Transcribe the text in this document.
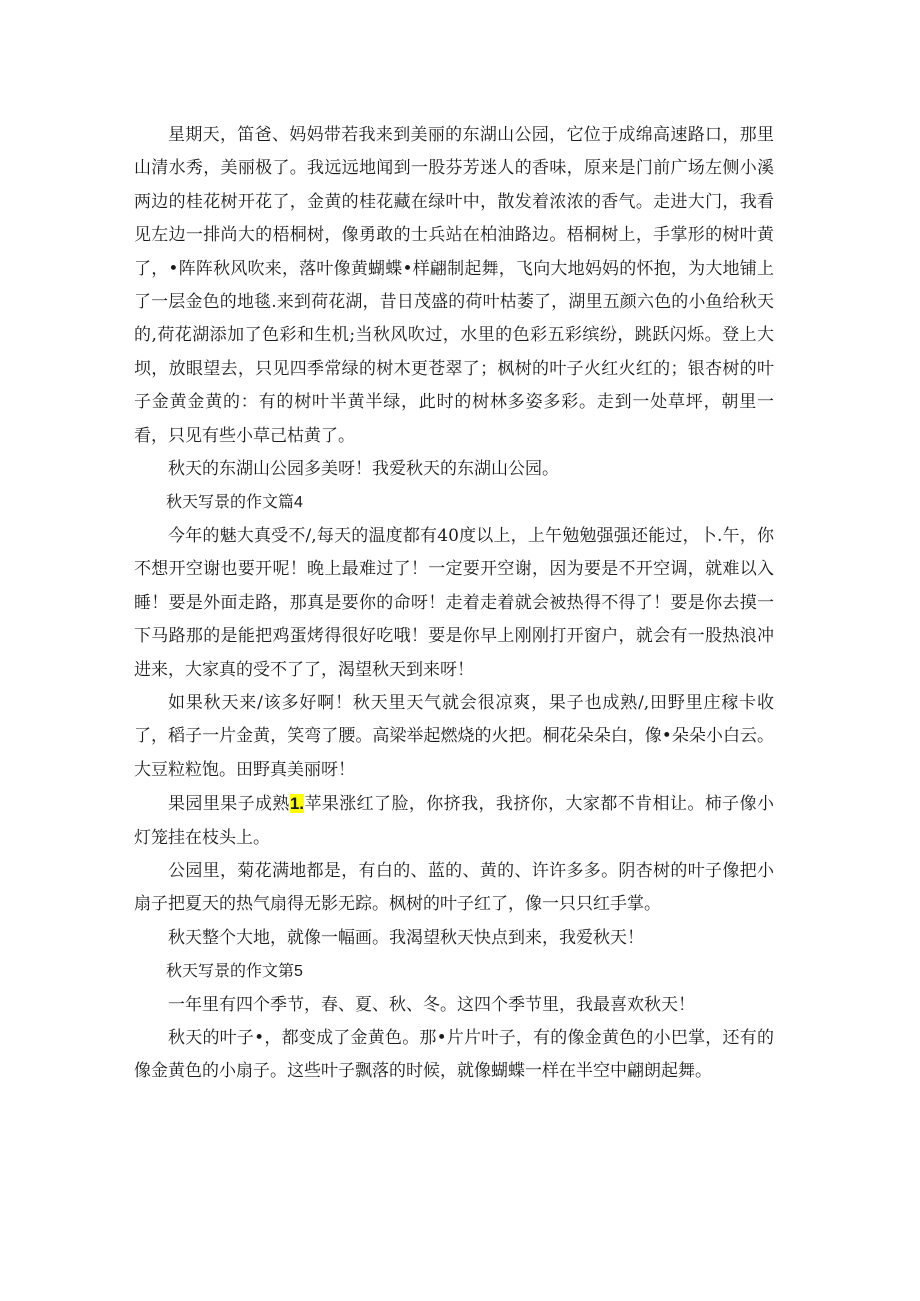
星期天，笛爸、妈妈带若我来到美丽的东湖山公园，它位于成绵高速路口，那里山清水秀，美丽极了。我远远地闻到一股芬芳迷人的香味，原来是门前广场左侧小溪两边的桂花树开花了，金黄的桂花藏在绿叶中，散发着浓浓的香气。走进大门，我看见左边一排尚大的梧桐树，像勇敢的士兵站在柏油路边。梧桐树上，手掌形的树叶黄了，•阵阵秋风吹来，落叶像黄蝴蝶•样翩制起舞，飞向大地妈妈的怀抱，为大地铺上了一层金色的地毯.来到荷花湖，昔日茂盛的荷叶枯萎了，湖里五颜六色的小鱼给秋天的,荷花湖添加了色彩和生机;当秋风吹过，水里的色彩五彩缤纷，跳跃闪烁。登上大坝，放眼望去，只见四季常绿的树木更苍翠了；枫树的叶子火红火红的；银杏树的叶子金黄金黄的：有的树叶半黄半绿，此时的树林多姿多彩。走到一处草坪，朝里一看，只见有些小草己枯黄了。

秋天的东湖山公园多美呀！我爱秋天的东湖山公园。

秋天写景的作文篇4

今年的魅大真受不/,每天的温度都有40度以上，上午勉勉强强还能过，卜.午，你不想开空谢也要开呢！晚上最难过了！一定要开空谢，因为要是不开空调，就难以入睡！要是外面走路，那真是要你的命呀！走着走着就会被热得不得了！要是你去摸一下马路那的是能把鸡蛋烤得很好吃哦！要是你早上刚刚打开窗户，就会有一股热浪冲进来，大家真的受不了了，渴望秋天到来呀！

如果秋天来/该多好啊！秋天里天气就会很凉爽，果子也成熟/,田野里庄稼卡收了，稻子一片金黄，笑弯了腰。高梁举起燃烧的火把。桐花朵朵白，像•朵朵小白云。大豆粒粒饱。田野真美丽呀！

果园里果子成熟1.苹果涨红了脸，你挤我，我挤你，大家都不肯相让。柿子像小灯笼挂在枝头上。

公园里，菊花满地都是，有白的、蓝的、黄的、许许多多。阴杏树的叶子像把小扇子把夏天的热气扇得无影无踪。枫树的叶子红了，像一只只红手掌。

秋天整个大地，就像一幅画。我渴望秋天快点到来，我爱秋天！

秋天写景的作文第5

一年里有四个季节，春、夏、秋、冬。这四个季节里，我最喜欢秋天！

秋天的叶子•，都变成了金黄色。那•片片叶子，有的像金黄色的小巴掌，还有的像金黄色的小扇子。这些叶子飘落的时候，就像蝴蝶一样在半空中翩朗起舞。
